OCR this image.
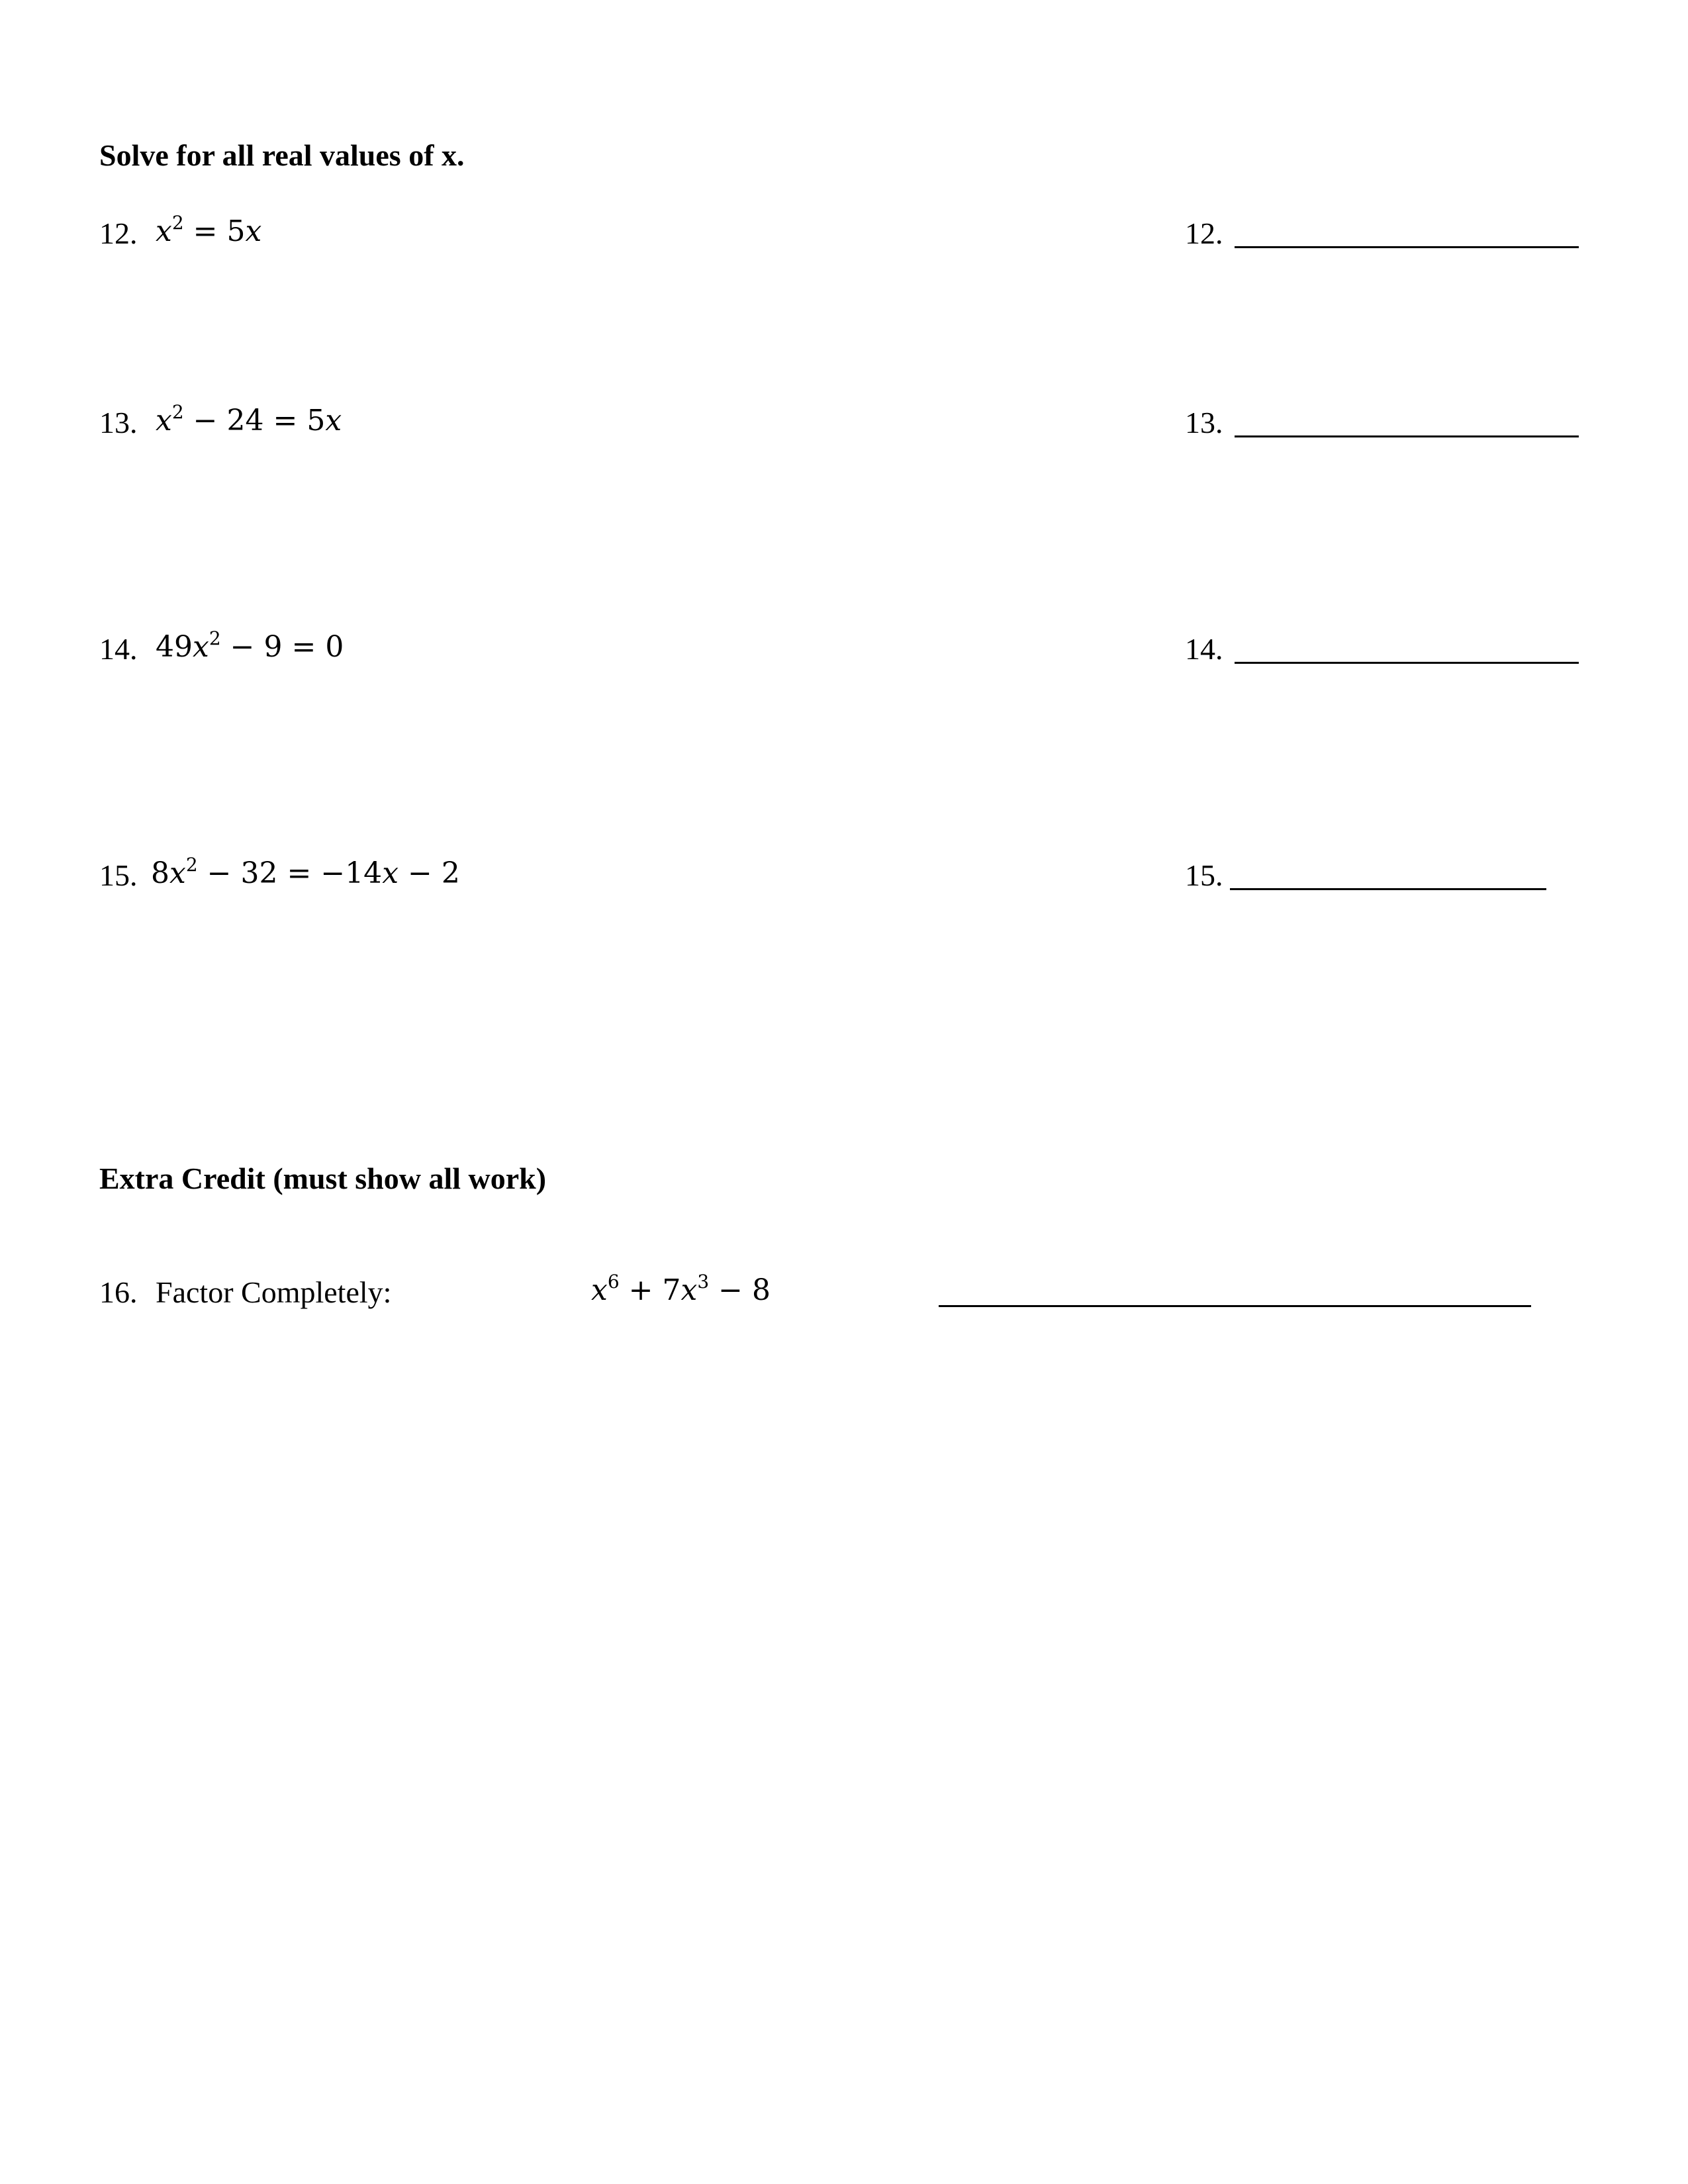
Solve for all real values of x.
12. $x^2 = 5x$	12.
13. $x^2 - 24 = 5x$	13.
14. $49x^2 - 9 = 0$	14.
15. $8x^2 - 32 = -14x - 2$	15.
Extra Credit (must show all work)
16. Factor Completely:	$x^6 + 7x^3 - 8$
